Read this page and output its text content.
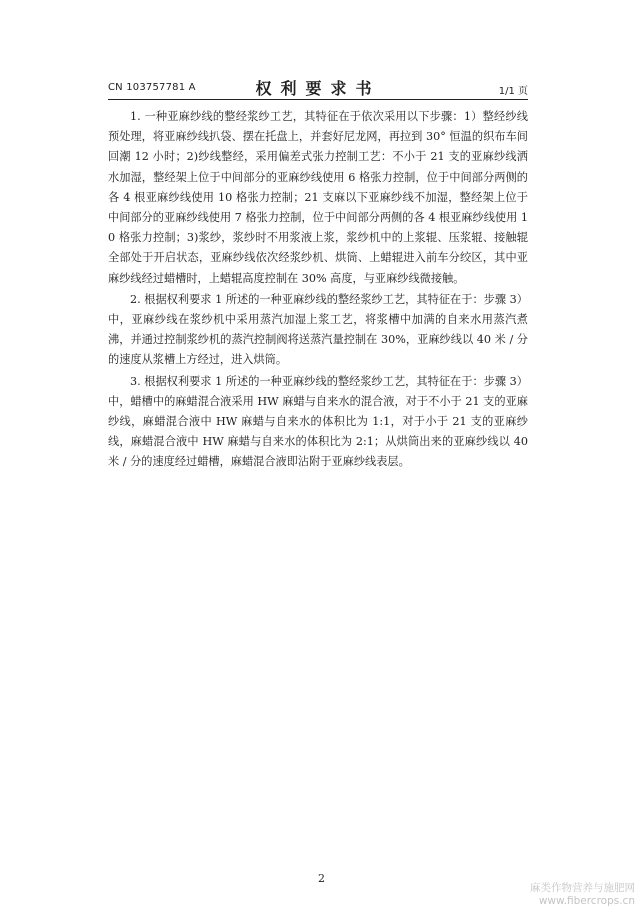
CN 103757781 A	权利要求书	1/1 页

1. 一种亚麻纱线的整经浆纱工艺，其特征在于依次采用以下步骤：1）整经纱线预处理，将亚麻纱线扒袋、摆在托盘上，并套好尼龙网，再拉到 30° 恒温的织布车间回潮 12 小时；2)纱线整经，采用偏差式张力控制工艺：不小于 21 支的亚麻纱线洒水加湿，整经架上位于中间部分的亚麻纱线使用 6 格张力控制，位于中间部分两侧的各 4 根亚麻纱线使用 10 格张力控制；21 支麻以下亚麻纱线不加湿，整经架上位于中间部分的亚麻纱线使用 7 格张力控制，位于中间部分两侧的各 4 根亚麻纱线使用 10 格张力控制；3)浆纱，浆纱时不用浆液上浆，浆纱机中的上浆辊、压浆辊、接触辊全部处于开启状态，亚麻纱线依次经浆纱机、烘筒、上蜡辊进入前车分绞区，其中亚麻纱线经过蜡槽时，上蜡辊高度控制在 30% 高度，与亚麻纱线微接触。

2. 根据权利要求 1 所述的一种亚麻纱线的整经浆纱工艺，其特征在于：步骤 3）中，亚麻纱线在浆纱机中采用蒸汽加湿上浆工艺，将浆槽中加满的自来水用蒸汽煮沸，并通过控制浆纱机的蒸汽控制阀将送蒸汽量控制在 30%，亚麻纱线以 40 米 / 分的速度从浆槽上方经过，进入烘筒。

3. 根据权利要求 1 所述的一种亚麻纱线的整经浆纱工艺，其特征在于：步骤 3）中，蜡槽中的麻蜡混合液采用 HW 麻蜡与自来水的混合液，对于不小于 21 支的亚麻纱线，麻蜡混合液中 HW 麻蜡与自来水的体积比为 1:1，对于小于 21 支的亚麻纱线，麻蜡混合液中 HW 麻蜡与自来水的体积比为 2:1；从烘筒出来的亚麻纱线以 40 米 / 分的速度经过蜡槽，麻蜡混合液即沾附于亚麻纱线表层。

2
麻类作物营养与施肥网
www.fibercrops.cn
